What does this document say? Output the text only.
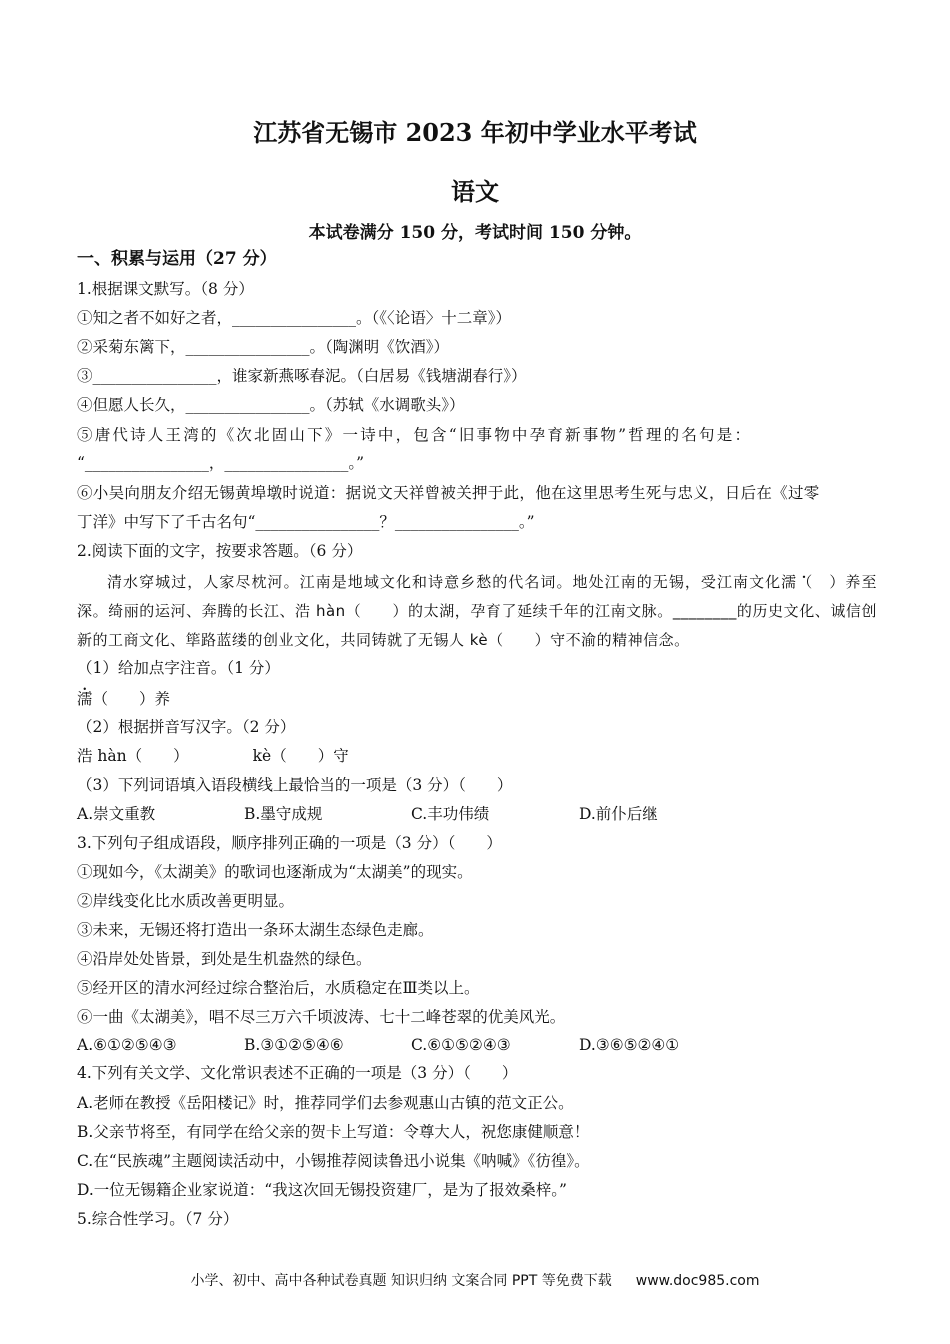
江苏省无锡市 2023 年初中学业水平考试
语文
本试卷满分 150 分，考试时间 150 分钟。
一、积累与运用（27 分）
1.根据课文默写。（8 分）
①知之者不如好之者，________________。（《〈论语〉十二章》）
②采菊东篱下，________________。（陶渊明《饮酒》）
③________________，谁家新燕啄春泥。（白居易《钱塘湖春行》）
④但愿人长久，________________。（苏轼《水调歌头》）
⑤唐代诗人王湾的《次北固山下》一诗中，包含“旧事物中孕育新事物”哲理的名句是：
“________________，________________。”
⑥小吴向朋友介绍无锡黄埠墩时说道：据说文天祥曾被关押于此，他在这里思考生死与忠义，日后在《过零
丁洋》中写下了千古名句“________________？________________。”
2.阅读下面的文字，按要求答题。（6 分）
清水穿城过，人家尽枕河。江南是地域文化和诗意乡愁的代名词。地处江南的无锡，受江南文化濡（　）养至深。绮丽的运河、奔腾的长江、浩 hàn（　　）的太湖，孕育了延续千年的江南文脉。________的历史文化、诚信创新的工商文化、筚路蓝缕的创业文化，共同铸就了无锡人 kè（　　）守不渝的精神信念。
（1）给加点字注音。（1 分）
濡（　　）养
（2）根据拼音写汉字。（2 分）
浩 hàn（　　）	kè（　　）守
（3）下列词语填入语段横线上最恰当的一项是（3 分）（　　）
A.崇文重教	B.墨守成规	C.丰功伟绩	D.前仆后继
3.下列句子组成语段，顺序排列正确的一项是（3 分）（　　）
①现如今，《太湖美》的歌词也逐渐成为“太湖美”的现实。
②岸线变化比水质改善更明显。
③未来，无锡还将打造出一条环太湖生态绿色走廊。
④沿岸处处皆景，到处是生机盎然的绿色。
⑤经开区的清水河经过综合整治后，水质稳定在Ⅲ类以上。
⑥一曲《太湖美》，唱不尽三万六千顷波涛、七十二峰苍翠的优美风光。
A.⑥①②⑤④③	B.③①②⑤④⑥	C.⑥①⑤②④③	D.③⑥⑤②④①
4.下列有关文学、文化常识表述不正确的一项是（3 分）（　　）
A.老师在教授《岳阳楼记》时，推荐同学们去参观惠山古镇的范文正公。
B.父亲节将至，有同学在给父亲的贺卡上写道：令尊大人，祝您康健顺意！
C.在“民族魂”主题阅读活动中，小锡推荐阅读鲁迅小说集《呐喊》《彷徨》。
D.一位无锡籍企业家说道：“我这次回无锡投资建厂，是为了报效桑梓。”
5.综合性学习。（7 分）
小学、初中、高中各种试卷真题 知识归纳 文案合同 PPT 等免费下载 www.doc985.com
